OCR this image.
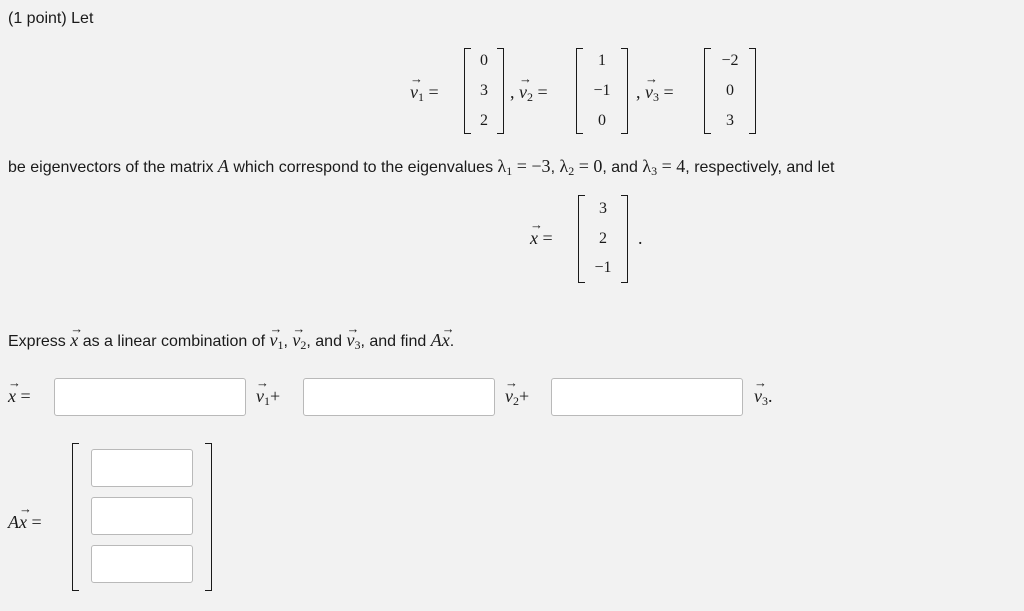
(1 point) Let
→ $v_1$ =
0
3
2
, → $v_2$ =
1
−1
0
, → $v_3$ =
−2
0
3
be eigenvectors of the matrix A which correspond to the eigenvalues $\lambda_1 = -3$, $\lambda_2 = 0$, and $\lambda_3 = 4$, respectively, and let
→ x =
3
2
−1
.
Express → x as a linear combination of → $v_1$, → $v_2$, and → $v_3$, and find A→ x.
→ x =	→ $v_1+$	→ $v_2+$	→ $v_3$.
A→ x =
